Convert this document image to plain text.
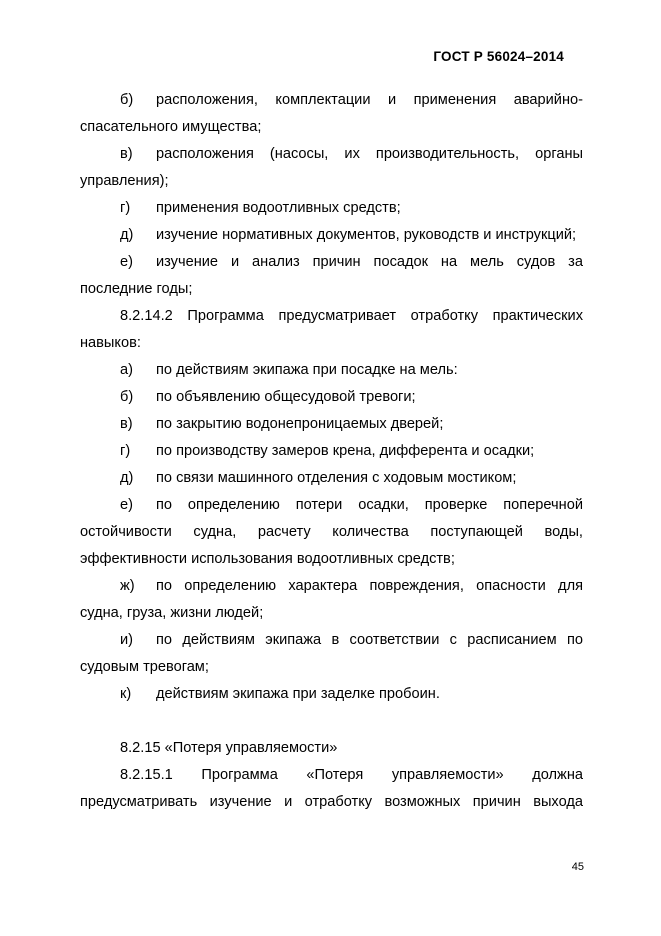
ГОСТ Р 56024–2014

б) расположения, комплектации и применения аварийно-спасательного имущества;

в) расположения (насосы, их производительность, органы управления);

г) применения водоотливных средств;

д) изучение нормативных документов, руководств и инструкций;

е) изучение и анализ причин посадок на мель судов за последние годы;

8.2.14.2 Программа предусматривает отработку практических навыков:

а) по действиям экипажа при посадке на мель:

б) по объявлению общесудовой тревоги;

в) по закрытию водонепроницаемых дверей;

г) по производству замеров крена, дифферента и осадки;

д) по связи машинного отделения с ходовым мостиком;

е) по определению потери осадки, проверке поперечной остойчивости судна, расчету количества поступающей воды, эффективности использования водоотливных средств;

ж) по определению характера повреждения, опасности для судна, груза, жизни людей;

и) по действиям экипажа в соответствии с расписанием по судовым тревогам;

к) действиям экипажа при заделке пробоин.

8.2.15 «Потеря управляемости»

8.2.15.1 Программа «Потеря управляемости» должна предусматривать изучение и отработку возможных причин выхода

45
